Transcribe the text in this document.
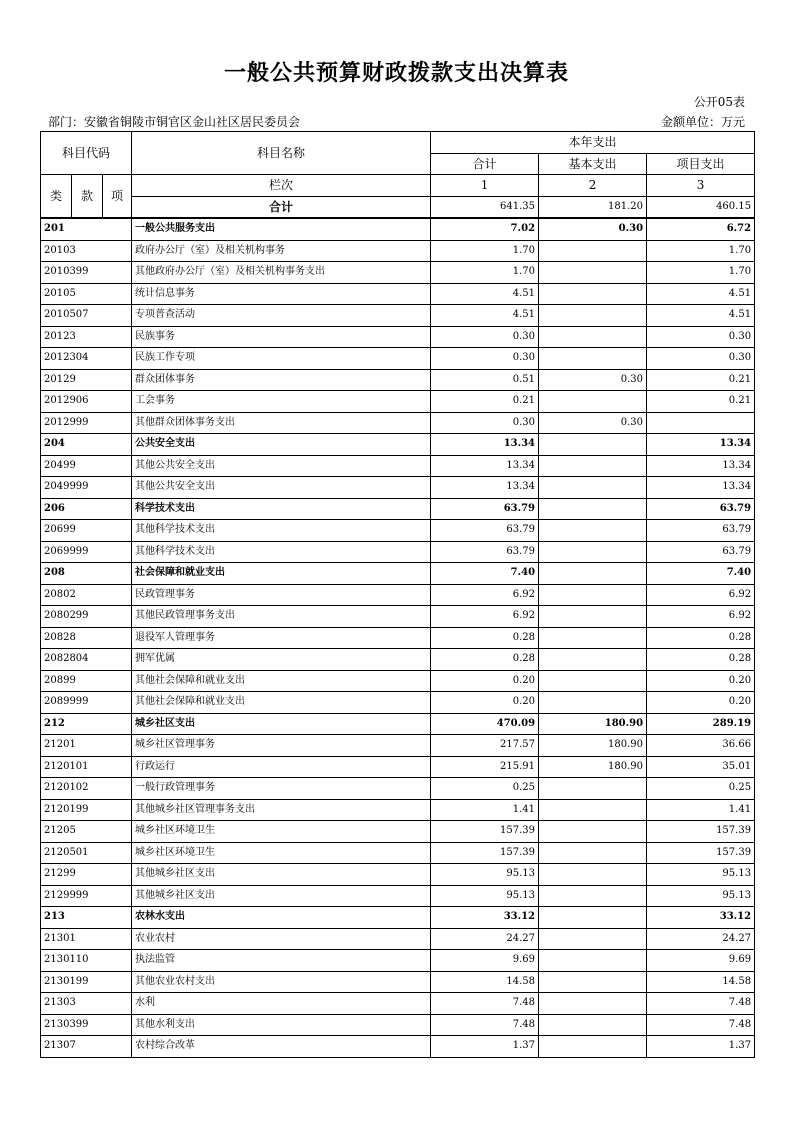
一般公共预算财政拨款支出决算表
公开05表
部门：安徽省铜陵市铜官区金山社区居民委员会	金额单位：万元
科目代码			科目名称	本年支出		
				合计	基本支出	项目支出
类	款	项	栏次	1	2	3
			合计	641.35	181.20	460.15
201			一般公共服务支出	7.02	0.30	6.72
20103			政府办公厅（室）及相关机构事务	1.70		1.70
2010399			其他政府办公厅（室）及相关机构事务支出	1.70		1.70
20105			统计信息事务	4.51		4.51
2010507			专项普查活动	4.51		4.51
20123			民族事务	0.30		0.30
2012304			民族工作专项	0.30		0.30
20129			群众团体事务	0.51	0.30	0.21
2012906			工会事务	0.21		0.21
2012999			其他群众团体事务支出	0.30	0.30	
204			公共安全支出	13.34		13.34
20499			其他公共安全支出	13.34		13.34
2049999			其他公共安全支出	13.34		13.34
206			科学技术支出	63.79		63.79
20699			其他科学技术支出	63.79		63.79
2069999			其他科学技术支出	63.79		63.79
208			社会保障和就业支出	7.40		7.40
20802			民政管理事务	6.92		6.92
2080299			其他民政管理事务支出	6.92		6.92
20828			退役军人管理事务	0.28		0.28
2082804			拥军优属	0.28		0.28
20899			其他社会保障和就业支出	0.20		0.20
2089999			其他社会保障和就业支出	0.20		0.20
212			城乡社区支出	470.09	180.90	289.19
21201			城乡社区管理事务	217.57	180.90	36.66
2120101			行政运行	215.91	180.90	35.01
2120102			一般行政管理事务	0.25		0.25
2120199			其他城乡社区管理事务支出	1.41		1.41
21205			城乡社区环境卫生	157.39		157.39
2120501			城乡社区环境卫生	157.39		157.39
21299			其他城乡社区支出	95.13		95.13
2129999			其他城乡社区支出	95.13		95.13
213			农林水支出	33.12		33.12
21301			农业农村	24.27		24.27
2130110			执法监管	9.69		9.69
2130199			其他农业农村支出	14.58		14.58
21303			水利	7.48		7.48
2130399			其他水利支出	7.48		7.48
21307			农村综合改革	1.37		1.37
